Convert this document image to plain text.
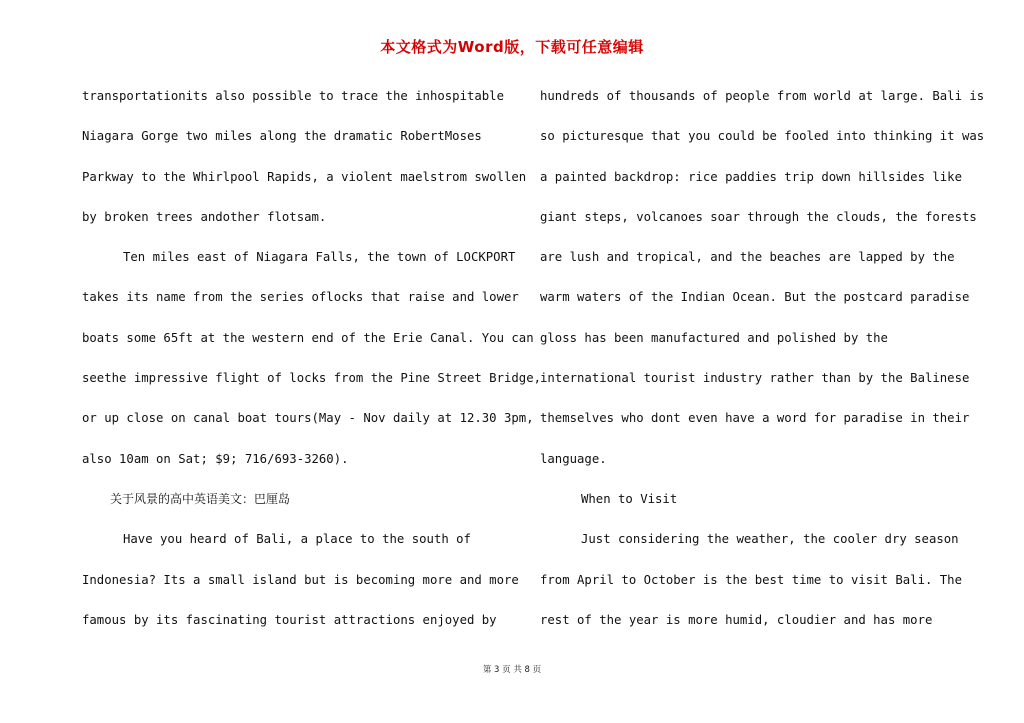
本文格式为Word版，下载可任意编辑
transportationits also possible to trace the inhospitable
Niagara Gorge two miles along the dramatic RobertMoses
Parkway to the Whirlpool Rapids, a violent maelstrom swollen
by broken trees andother flotsam.
Ten miles east of Niagara Falls, the town of LOCKPORT
takes its name from the series oflocks that raise and lower
boats some 65ft at the western end of the Erie Canal. You can
seethe impressive flight of locks from the Pine Street Bridge,
or up close on canal boat tours(May - Nov daily at 12.30 3pm,
also 10am on Sat; $9; 716/693-3260).
关于风景的高中英语美文：巴厘岛
Have you heard of Bali, a place to the south of
Indonesia? Its a small island but is becoming more and more
famous by its fascinating tourist attractions enjoyed by
hundreds of thousands of people from world at large. Bali is
so picturesque that you could be fooled into thinking it was
a painted backdrop: rice paddies trip down hillsides like
giant steps, volcanoes soar through the clouds, the forests
are lush and tropical, and the beaches are lapped by the
warm waters of the Indian Ocean. But the postcard paradise
gloss has been manufactured and polished by the
international tourist industry rather than by the Balinese
themselves who dont even have a word for paradise in their
language.
When to Visit
Just considering the weather, the cooler dry season
from April to October is the best time to visit Bali. The
rest of the year is more humid, cloudier and has more
第 3 页 共 8 页
